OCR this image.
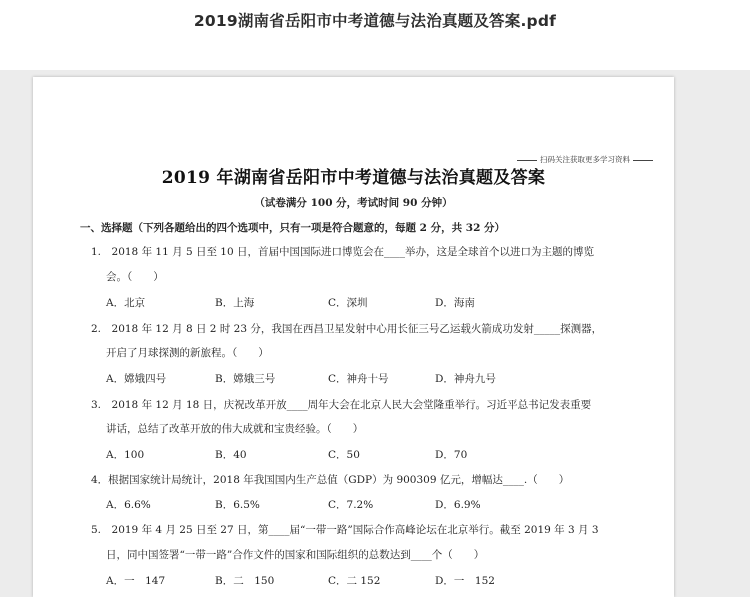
2019湖南省岳阳市中考道德与法治真题及答案.pdf
扫码关注获取更多学习资料
2019 年湖南省岳阳市中考道德与法治真题及答案
（试卷满分 100 分，考试时间 90 分钟）
一、选择题（下列各题给出的四个选项中，只有一项是符合题意的，每题 2 分，共 32 分）
1.　2018 年 11 月 5 日至 10 日，首届中国国际进口博览会在____举办，这是全球首个以进口为主题的博览
会。（　　）
A．北京	B．上海	C．深圳	D．海南
2.　2018 年 12 月 8 日 2 时 23 分，我国在西昌卫星发射中心用长征三号乙运载火箭成功发射_____探测器，
开启了月球探测的新旅程。（　　）
A．嫦娥四号	B．嫦娥三号	C．神舟十号	D．神舟九号
3.　2018 年 12 月 18 日，庆祝改革开放____周年大会在北京人民大会堂隆重举行。习近平总书记发表重要
讲话，总结了改革开放的伟大成就和宝贵经验。（　　）
A．100	B．40	C．50	D．70
4．根据国家统计局统计，2018 年我国国内生产总值（GDP）为 900309 亿元，增幅达____.（　　）
A．6.6%	B．6.5%	C．7.2%	D．6.9%
5.　2019 年 4 月 25 日至 27 日，第____届“一带一路”国际合作高峰论坛在北京举行。截至 2019 年 3 月 3
日，同中国签署“一带一路”合作文件的国家和国际组织的总数达到____个（　　）
A．一　147	B．二　150	C．二 152	D．一　152
